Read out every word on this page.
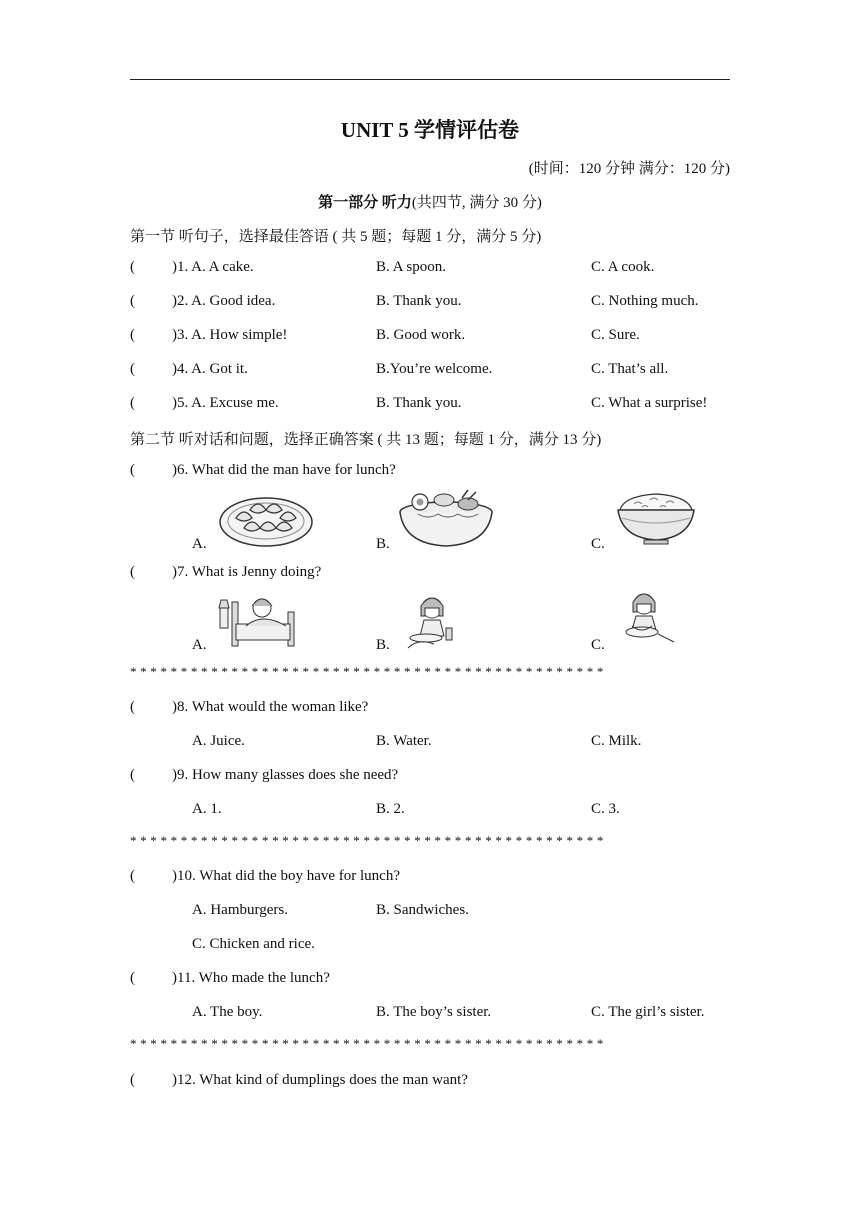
UNIT 5 学情评估卷
(时间：120 分钟 满分：120 分)
第一部分 听力(共四节, 满分 30 分)
第一节 听句子，选择最佳答语 ( 共 5 题；每题 1 分，满分 5 分)
( )1. A. A cake.	B. A spoon.	C. A cook.
( )2. A. Good idea.	B. Thank you.	C. Nothing much.
( )3. A. How simple!	B. Good work.	C. Sure.
( )4. A. Got it.	B.You’re welcome.	C. That’s all.
( )5. A. Excuse me.	B. Thank you.	C. What a surprise!
第二节 听对话和问题，选择正确答案 ( 共 13 题；每题 1 分，满分 13 分)
( )6. What did the man have for lunch?
A.	B.	C.
( )7. What is Jenny doing?
A.	B.	C.
* * * * * * * * * * * * * * * * * * * * * * * * * * * * * * * * * * * * * * * * * * * * * * *
( )8. What would the woman like?
A. Juice.	B. Water.	C. Milk.
( )9. How many glasses does she need?
A. 1.	B. 2.	C. 3.
* * * * * * * * * * * * * * * * * * * * * * * * * * * * * * * * * * * * * * * * * * * * * * *
( )10. What did the boy have for lunch?
A. Hamburgers.	B. Sandwiches.
C. Chicken and rice.
( )11. Who made the lunch?
A. The boy.	B. The boy’s sister.	C. The girl’s sister.
* * * * * * * * * * * * * * * * * * * * * * * * * * * * * * * * * * * * * * * * * * * * * * *
( )12. What kind of dumplings does the man want?
